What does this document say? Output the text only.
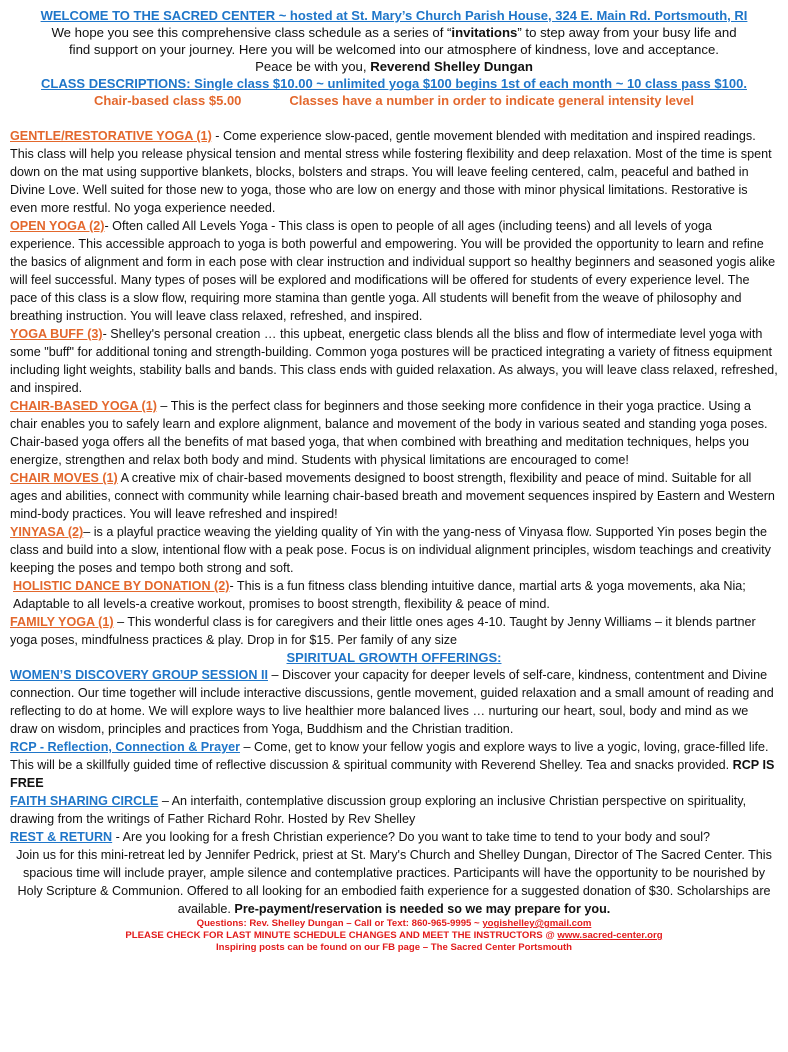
WELCOME TO THE SACRED CENTER ~ hosted at St. Mary’s Church Parish House, 324 E. Main Rd. Portsmouth, RI
We hope you see this comprehensive class schedule as a series of “invitations” to step away from your busy life and
find support on your journey. Here you will be welcomed into our atmosphere of kindness, love and acceptance.
Peace be with you, Reverend Shelley Dungan
CLASS DESCRIPTIONS: Single class $10.00 ~ unlimited yoga $100 begins 1st of each month ~ 10 class pass $100.
Chair-based class $5.00	Classes have a number in order to indicate general intensity level

GENTLE/RESTORATIVE YOGA (1) - Come experience slow-paced, gentle movement blended with meditation and inspired readings. This class will help you release physical tension and mental stress while fostering flexibility and deep relaxation. Most of the time is spent down on the mat using supportive blankets, blocks, bolsters and straps. You will leave feeling centered, calm, peaceful and bathed in Divine Love. Well suited for those new to yoga, those who are low on energy and those with minor physical limitations. Restorative is even more restful. No yoga experience needed.

OPEN YOGA (2)- Often called All Levels Yoga - This class is open to people of all ages (including teens) and all levels of yoga experience. This accessible approach to yoga is both powerful and empowering. You will be provided the opportunity to learn and refine the basics of alignment and form in each pose with clear instruction and individual support so healthy beginners and seasoned yogis alike will feel successful. Many types of poses will be explored and modifications will be offered for students of every experience level. The pace of this class is a slow flow, requiring more stamina than gentle yoga. All students will benefit from the weave of philosophy and breathing instruction. You will leave class relaxed, refreshed, and inspired.

YOGA BUFF (3)- Shelley's personal creation … this upbeat, energetic class blends all the bliss and flow of intermediate level yoga with some "buff" for additional toning and strength-building. Common yoga postures will be practiced integrating a variety of fitness equipment including light weights, stability balls and bands. This class ends with guided relaxation. As always, you will leave class relaxed, refreshed, and inspired.

CHAIR-BASED YOGA (1) – This is the perfect class for beginners and those seeking more confidence in their yoga practice. Using a chair enables you to safely learn and explore alignment, balance and movement of the body in various seated and standing yoga poses. Chair-based yoga offers all the benefits of mat based yoga, that when combined with breathing and meditation techniques, helps you energize, strengthen and relax both body and mind. Students with physical limitations are encouraged to come!

CHAIR MOVES (1) A creative mix of chair-based movements designed to boost strength, flexibility and peace of mind. Suitable for all ages and abilities, connect with community while learning chair-based breath and movement sequences inspired by Eastern and Western mind-body practices. You will leave refreshed and inspired!

YINYASA (2)– is a playful practice weaving the yielding quality of Yin with the yang-ness of Vinyasa flow. Supported Yin poses begin the class and build into a slow, intentional flow with a peak pose. Focus is on individual alignment principles, wisdom teachings and creativity keeping the poses and tempo both strong and soft.

HOLISTIC DANCE BY DONATION (2)- This is a fun fitness class blending intuitive dance, martial arts & yoga movements, aka Nia; Adaptable to all levels-a creative workout, promises to boost strength, flexibility & peace of mind.

FAMILY YOGA (1) – This wonderful class is for caregivers and their little ones ages 4-10. Taught by Jenny Williams – it blends partner yoga poses, mindfulness practices & play. Drop in for $15. Per family of any size

SPIRITUAL GROWTH OFFERINGS:

WOMEN’S DISCOVERY GROUP SESSION II – Discover your capacity for deeper levels of self-care, kindness, contentment and Divine connection. Our time together will include interactive discussions, gentle movement, guided relaxation and a small amount of reading and reflecting to do at home. We will explore ways to live healthier more balanced lives … nurturing our heart, soul, body and mind as we draw on wisdom, principles and practices from Yoga, Buddhism and the Christian tradition.

RCP - Reflection, Connection & Prayer – Come, get to know your fellow yogis and explore ways to live a yogic, loving, grace-filled life. This will be a skillfully guided time of reflective discussion & spiritual community with Reverend Shelley. Tea and snacks provided. RCP IS FREE

FAITH SHARING CIRCLE – An interfaith, contemplative discussion group exploring an inclusive Christian perspective on spirituality, drawing from the writings of Father Richard Rohr. Hosted by Rev Shelley

REST & RETURN - Are you looking for a fresh Christian experience? Do you want to take time to tend to your body and soul?

Join us for this mini-retreat led by Jennifer Pedrick, priest at St. Mary's Church and Shelley Dungan, Director of The Sacred Center. This spacious time will include prayer, ample silence and contemplative practices. Participants will have the opportunity to be nourished by Holy Scripture & Communion. Offered to all looking for an embodied faith experience for a suggested donation of $30. Scholarships are available. Pre-payment/reservation is needed so we may prepare for you.
Questions: Rev. Shelley Dungan – Call or Text: 860-965-9995 ~ yogishelley@gmail.com
PLEASE CHECK FOR LAST MINUTE SCHEDULE CHANGES AND MEET THE INSTRUCTORS @ www.sacred-center.org
Inspiring posts can be found on our FB page – The Sacred Center Portsmouth
